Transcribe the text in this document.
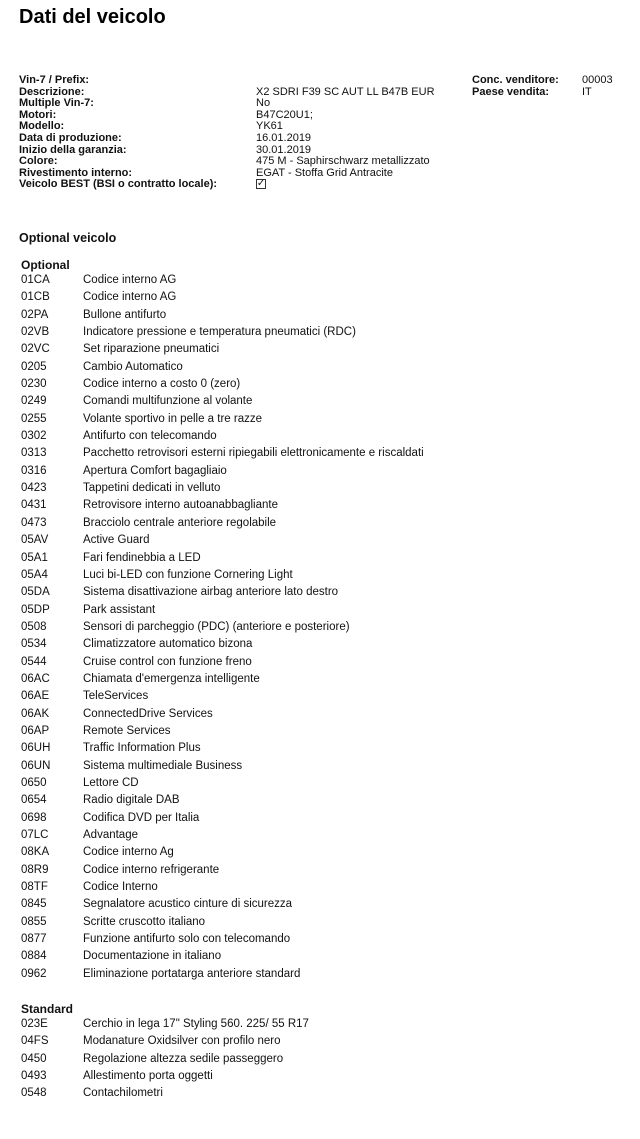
Dati del veicolo
Vin-7 / Prefix:
Descrizione:	X2 SDRI F39 SC AUT LL B47B EUR
Multiple Vin-7:	No
Motori:	B47C20U1;
Modello:	YK61
Data di produzione:	16.01.2019
Inizio della garanzia:	30.01.2019
Colore:	475 M - Saphirschwarz metallizzato
Rivestimento interno:	EGAT - Stoffa Grid Antracite
Veicolo BEST (BSI o contratto locale):	✓
Conc. venditore: 00003
Paese vendita:	IT
Optional veicolo
Optional
01CA	Codice interno AG
01CB	Codice interno AG
02PA	Bullone antifurto
02VB	Indicatore pressione e temperatura pneumatici (RDC)
02VC	Set riparazione pneumatici
0205	Cambio Automatico
0230	Codice interno a costo 0 (zero)
0249	Comandi multifunzione al volante
0255	Volante sportivo in pelle a tre razze
0302	Antifurto con telecomando
0313	Pacchetto retrovisori esterni ripiegabili elettronicamente e riscaldati
0316	Apertura Comfort bagagliaio
0423	Tappetini dedicati in velluto
0431	Retrovisore interno autoanabbagliante
0473	Bracciolo centrale anteriore regolabile
05AV	Active Guard
05A1	Fari fendinebbia a LED
05A4	Luci bi-LED con funzione Cornering Light
05DA	Sistema disattivazione airbag anteriore lato destro
05DP	Park assistant
0508	Sensori di parcheggio (PDC) (anteriore e posteriore)
0534	Climatizzatore automatico bizona
0544	Cruise control con funzione freno
06AC	Chiamata d'emergenza intelligente
06AE	TeleServices
06AK	ConnectedDrive Services
06AP	Remote Services
06UH	Traffic Information Plus
06UN	Sistema multimediale Business
0650	Lettore CD
0654	Radio digitale DAB
0698	Codifica DVD per Italia
07LC	Advantage
08KA	Codice interno Ag
08R9	Codice interno refrigerante
08TF	Codice Interno
0845	Segnalatore acustico cinture di sicurezza
0855	Scritte cruscotto italiano
0877	Funzione antifurto solo con telecomando
0884	Documentazione in italiano
0962	Eliminazione portatarga anteriore standard
Standard
023E	Cerchio in lega 17" Styling 560. 225/ 55 R17
04FS	Modanature Oxidsilver con profilo nero
0450	Regolazione altezza sedile passeggero
0493	Allestimento porta oggetti
0548	Contachilometri
